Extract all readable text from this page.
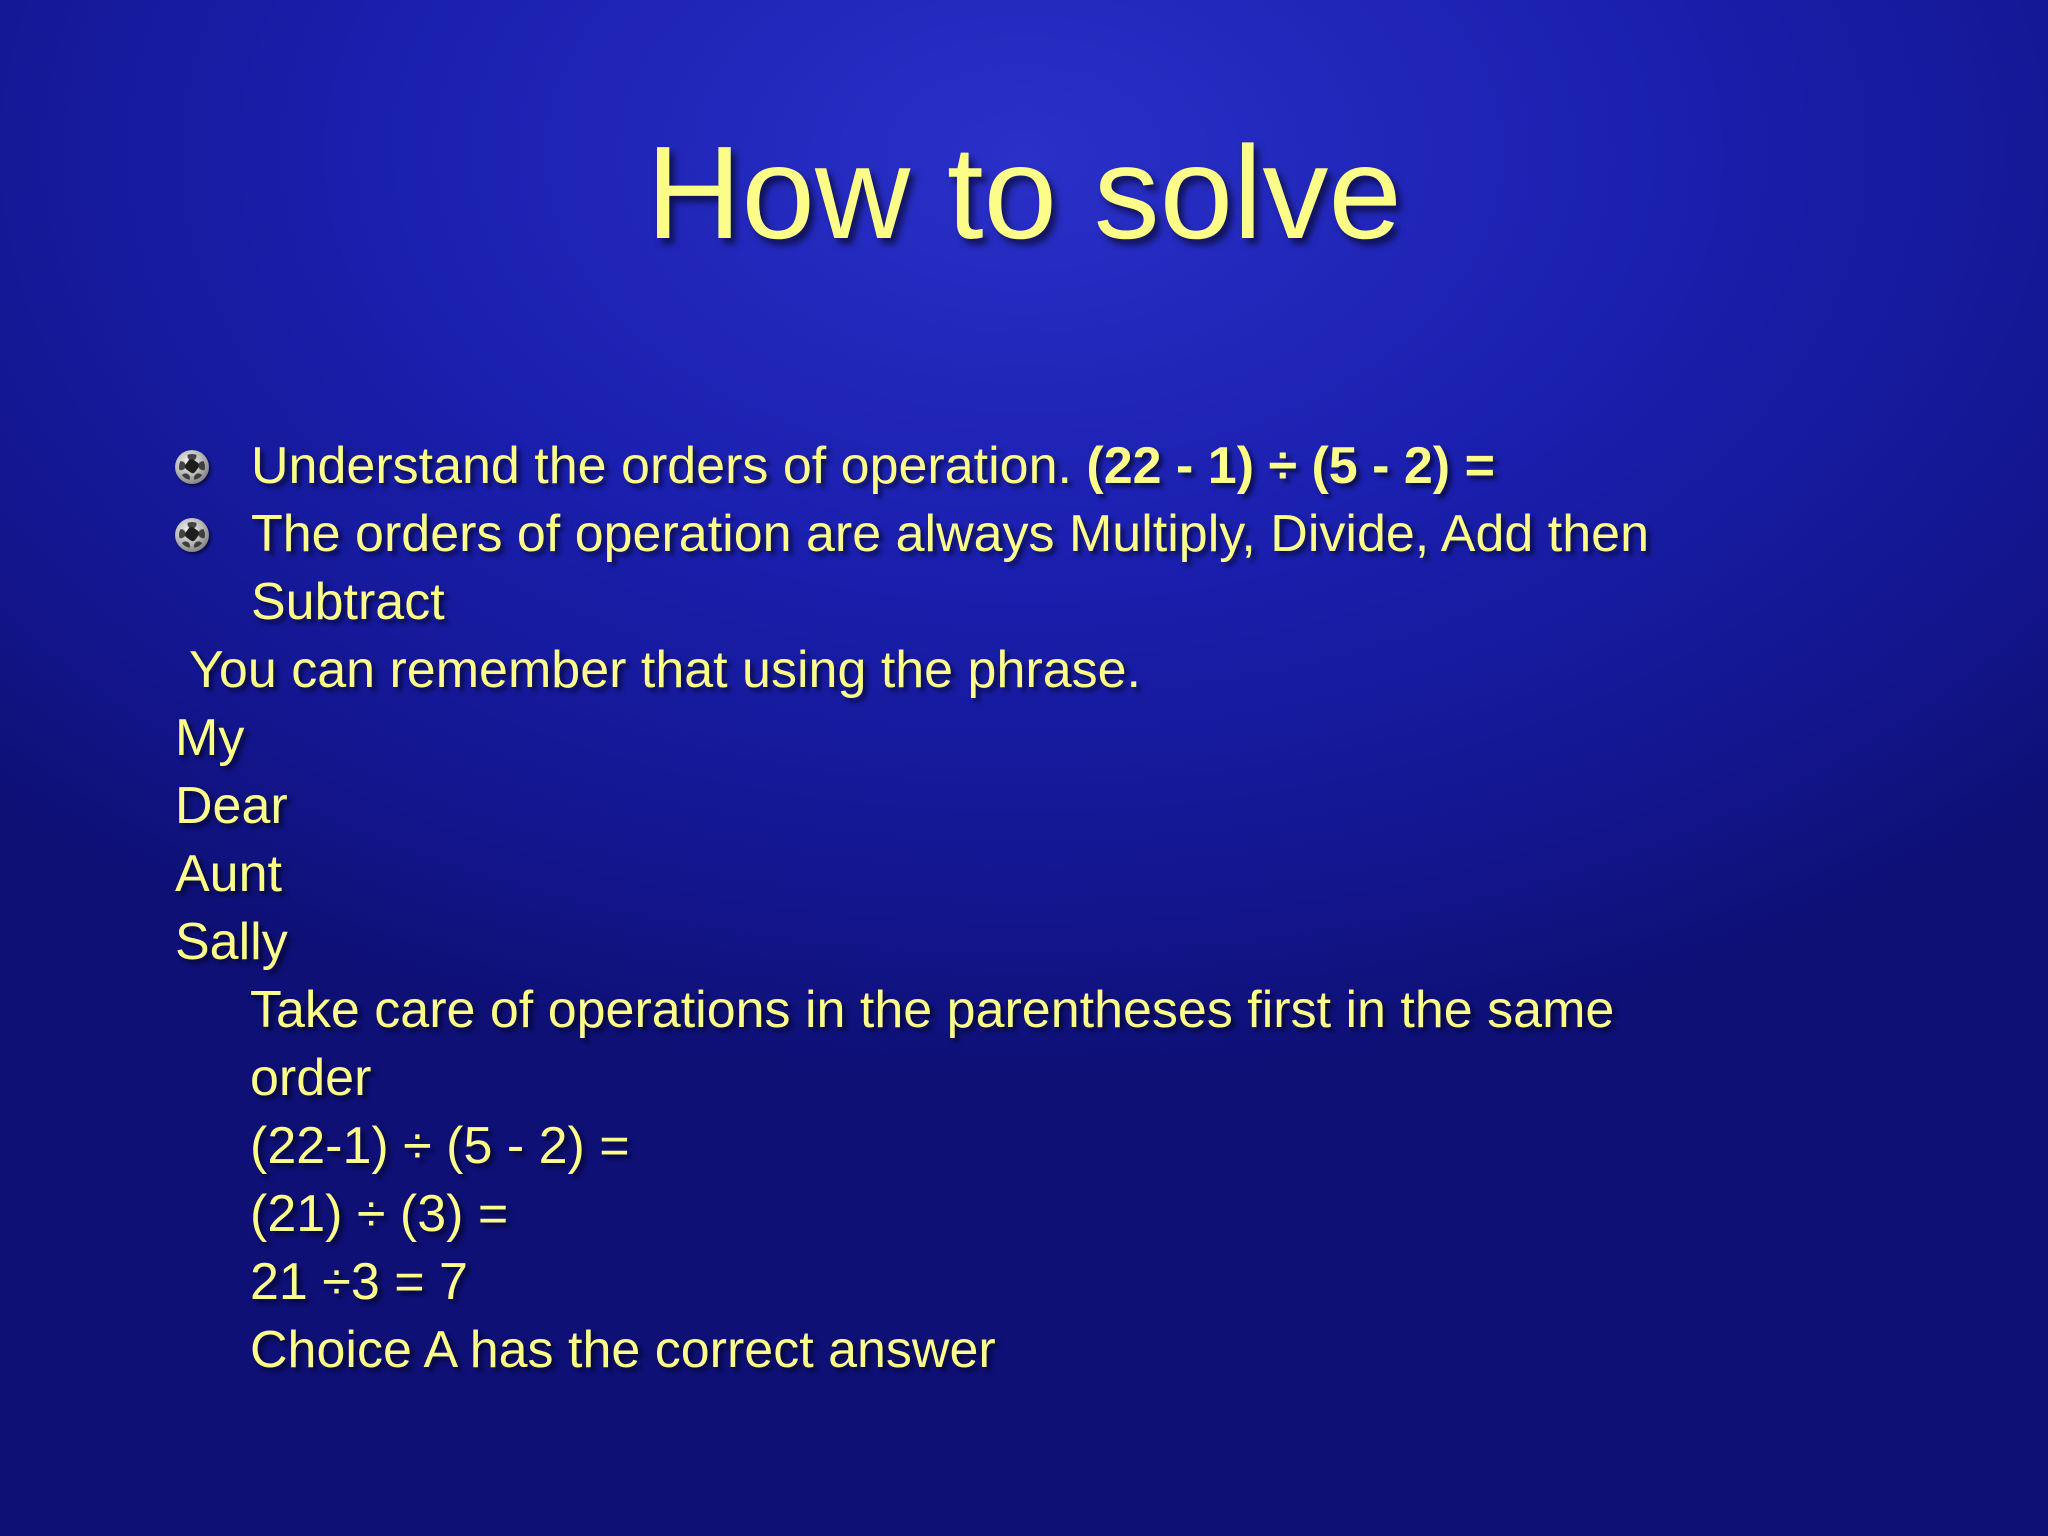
How to solve
Understand the orders of operation. (22 - 1) ÷ (5 - 2) =
The orders of operation are always Multiply, Divide, Add then
Subtract
You can remember that using the phrase.
My
Dear
Aunt
Sally
Take care of operations in the parentheses first in the same
order
(22-1) ÷ (5 - 2) =
(21) ÷ (3) =
21 ÷3 = 7
Choice A has the correct answer
